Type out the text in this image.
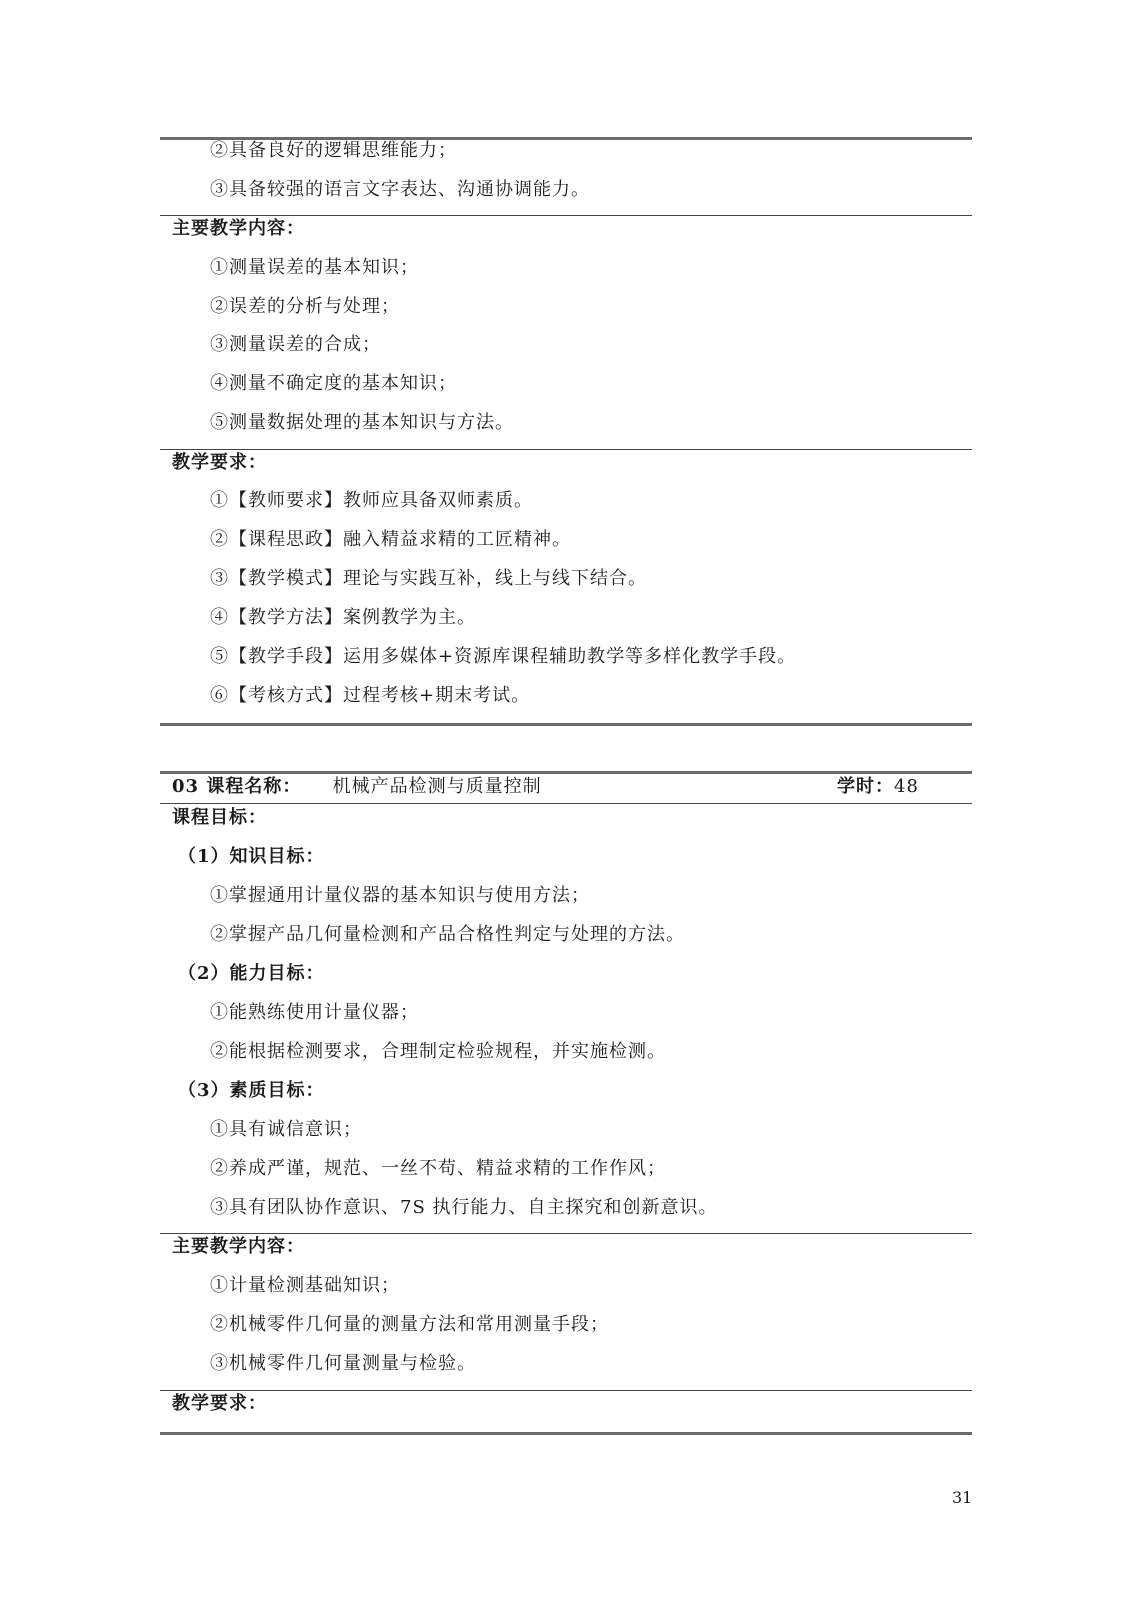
②具备良好的逻辑思维能力；
③具备较强的语言文字表达、沟通协调能力。
主要教学内容：
①测量误差的基本知识；
②误差的分析与处理；
③测量误差的合成；
④测量不确定度的基本知识；
⑤测量数据处理的基本知识与方法。
教学要求：
①【教师要求】教师应具备双师素质。
②【课程思政】融入精益求精的工匠精神。
③【教学模式】理论与实践互补，线上与线下结合。
④【教学方法】案例教学为主。
⑤【教学手段】运用多媒体+资源库课程辅助教学等多样化教学手段。
⑥【考核方式】过程考核+期末考试。
03 课程名称： 机械产品检测与质量控制	学时：48
课程目标：
（1）知识目标：
①掌握通用计量仪器的基本知识与使用方法；
②掌握产品几何量检测和产品合格性判定与处理的方法。
（2）能力目标：
①能熟练使用计量仪器；
②能根据检测要求，合理制定检验规程，并实施检测。
（3）素质目标：
①具有诚信意识；
②养成严谨，规范、一丝不苟、精益求精的工作作风；
③具有团队协作意识、7S 执行能力、自主探究和创新意识。
主要教学内容：
①计量检测基础知识；
②机械零件几何量的测量方法和常用测量手段；
③机械零件几何量测量与检验。
教学要求：
31
